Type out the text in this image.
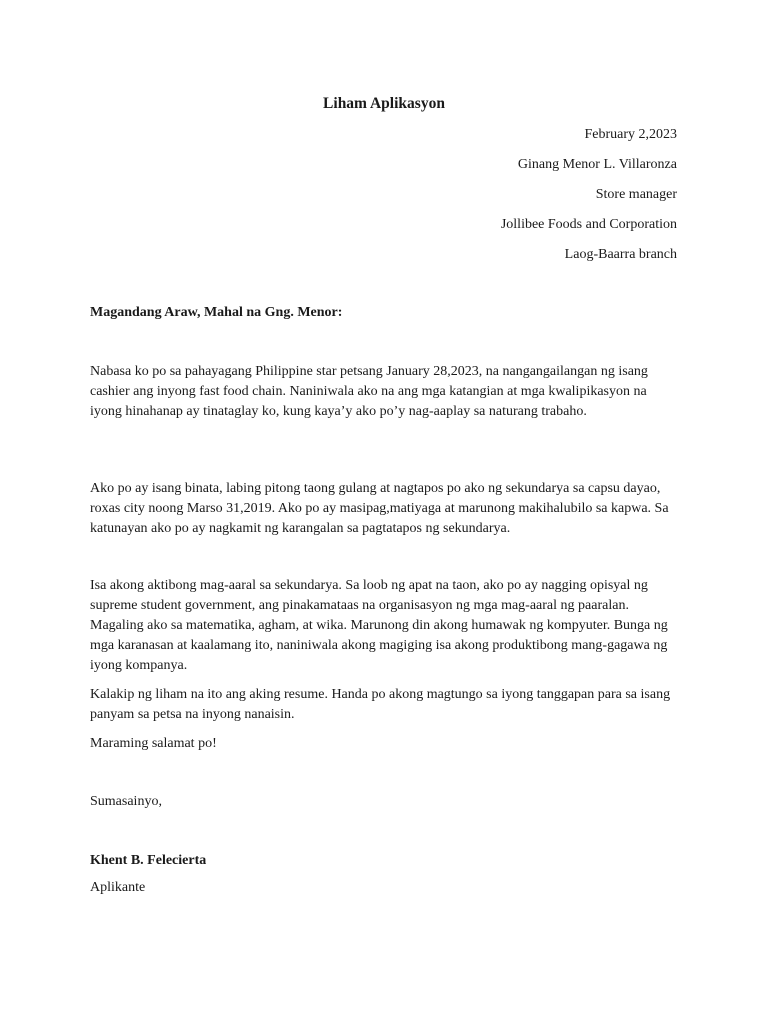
Liham Aplikasyon
February 2,2023
Ginang Menor L. Villaronza
Store manager
Jollibee Foods and Corporation
Laog-Baarra branch
Magandang Araw, Mahal na Gng. Menor:

Nabasa ko po sa pahayagang Philippine star petsang January 28,2023, na nangangailangan ng isang cashier ang inyong fast food chain. Naniniwala ako na ang mga katangian at mga kwalipikasyon na iyong hinahanap ay tinataglay ko, kung kaya’y ako po’y nag-aaplay sa naturang trabaho.

Ako po ay isang binata, labing pitong taong gulang at nagtapos po ako ng sekundarya sa capsu dayao, roxas city noong Marso 31,2019. Ako po ay masipag,matiyaga at marunong makihalubilo sa kapwa. Sa katunayan ako po ay nagkamit ng karangalan sa pagtatapos ng sekundarya.

Isa akong aktibong mag-aaral sa sekundarya. Sa loob ng apat na taon, ako po ay nagging opisyal ng supreme student government, ang pinakamataas na organisasyon ng mga mag-aaral ng paaralan. Magaling ako sa matematika, agham, at wika. Marunong din akong humawak ng kompyuter. Bunga ng mga karanasan at kaalamang ito, naniniwala akong magiging isa akong produktibong mang-gagawa ng iyong kompanya.

Kalakip ng liham na ito ang aking resume. Handa po akong magtungo sa iyong tanggapan para sa isang panyam sa petsa na inyong nanaisin.

Maraming salamat po!

Sumasainyo,
Khent B. Felecierta
Aplikante
